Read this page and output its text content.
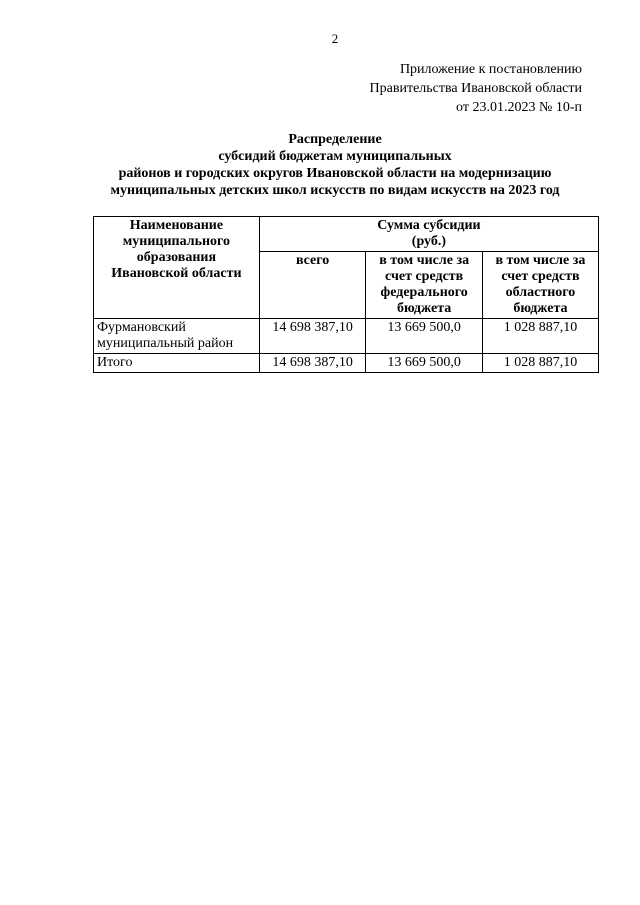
2
Приложение к постановлению
Правительства Ивановской области
от 23.01.2023 № 10-п
Распределение
субсидий бюджетам муниципальных
районов и городских округов Ивановской области на модернизацию
муниципальных детских школ искусств по видам искусств на 2023 год
Наименование муниципального образования Ивановской области	Сумма субсидии
(руб.)		

	всего	в том числе за счет средств федерального бюджета	в том числе за счет средств областного бюджета
Фурмановский муниципальный район	14 698 387,10	13 669 500,0	1 028 887,10
Итого	14 698 387,10	13 669 500,0	1 028 887,10
